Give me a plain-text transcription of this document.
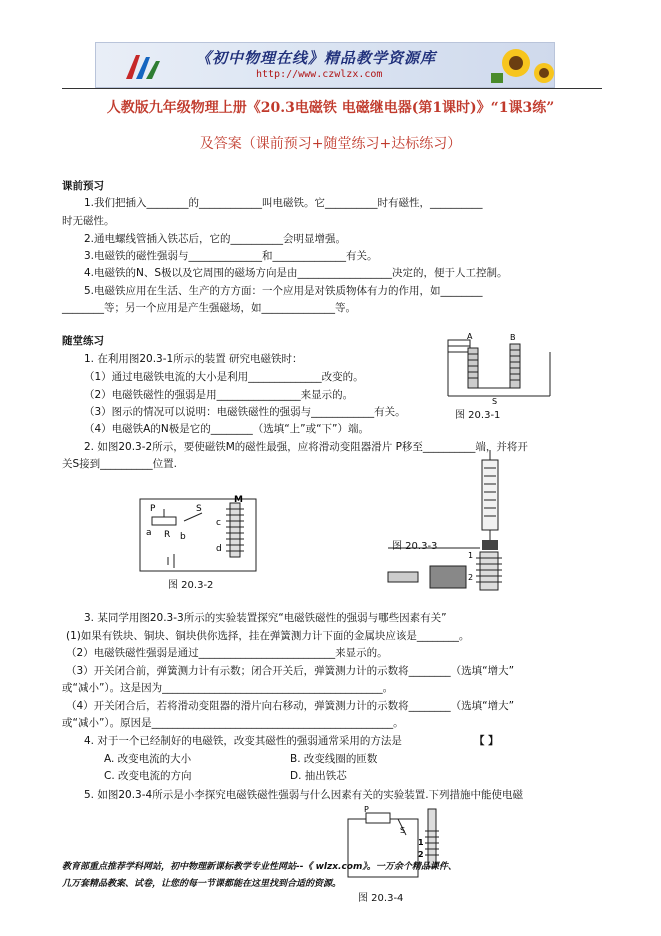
《初中物理在线》精品教学资源库
http://www.czwlzx.com
人教版九年级物理上册《20.3电磁铁 电磁继电器(第1课时)》“1课3练”
及答案（课前预习+随堂练习+达标练习）
课前预习
1.我们把插入________的____________叫电磁铁。它__________时有磁性，__________
时无磁性。
2.通电螺线管插入铁芯后，它的__________会明显增强。
3.电磁铁的磁性强弱与______________和______________有关。
4.电磁铁的N、S极以及它周围的磁场方向是由__________________决定的，便于人工控制。
5.电磁铁应用在生活、生产的方方面：一个应用是对铁质物体有力的作用，如________
________等；另一个应用是产生强磁场，如______________等。
随堂练习
1. 在利用图20.3-1所示的装置 研究电磁铁时：
（1）通过电磁铁电流的大小是利用______________改变的。
（2）电磁铁磁性的强弱是用________________来显示的。
（3）图示的情况可以说明：电磁铁磁性的强弱与____________有关。
（4）电磁铁A的N极是它的________（选填“上”或“下”）端。
2. 如图20.3-2所示，要使磁铁M的磁性最强，应将滑动变阻器滑片 P移至__________端，并将开
关S接到__________位置.
A	B
S
图 20.3-1
P	S
M
a R b
c
d
图 20.3-2
1
2
图 20.3-3
3. 某同学用图20.3-3所示的实验装置探究“电磁铁磁性的强弱与哪些因素有关”
(1)如果有铁块、铜块、铜块供你选择，挂在弹簧测力计下面的金属块应该是________。
（2）电磁铁磁性强弱是通过__________________________来显示的。
（3）开关闭合前，弹簧测力计有示数；闭合开关后，弹簧测力计的示数将________（选填“增大”
或“减小”）。这是因为__________________________________________。
（4）开关闭合后，若将滑动变阻器的滑片向右移动，弹簧测力计的示数将________（选填“增大”
或“减小”）。原因是______________________________________________。
4. 对于一个已经制好的电磁铁，改变其磁性的强弱通常采用的方法是	【 】
A. 改变电流的大小	B. 改变线圈的匝数
C. 改变电流的方向	D. 抽出铁芯
5. 如图20.3-4所示是小李探究电磁铁磁性强弱与什么因素有关的实验装置.下列措施中能使电磁
P
S
1
2
教育部重点推荐学科网站，初中物理新课标教学专业性网站--《 wlzx.com》。一万余个精品课件、
几万套精品教案、试卷，让您的每一节课都能在这里找到合适的资源。
图 20.3-4
